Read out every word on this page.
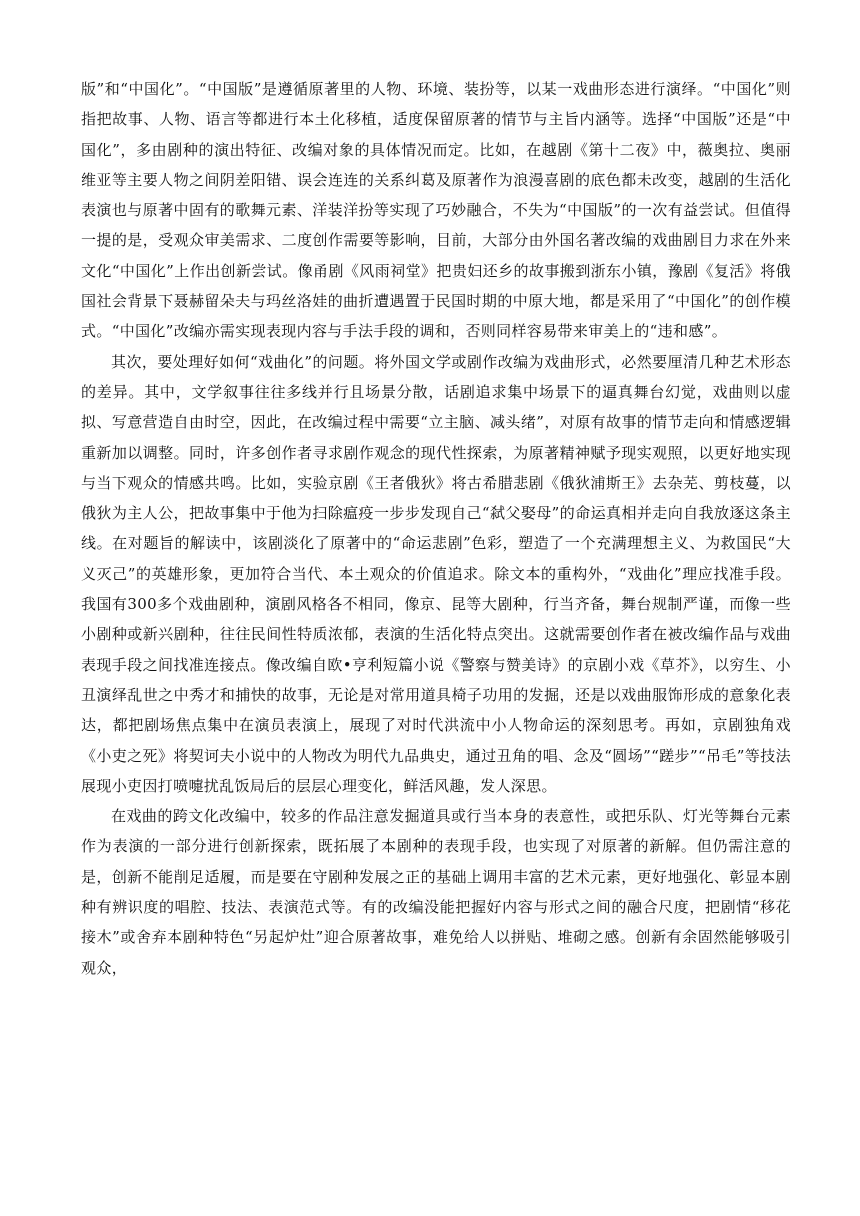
版”和“中国化”。“中国版”是遵循原著里的人物、环境、装扮等，以某一戏曲形态进行演绎。“中国化”则指把故事、人物、语言等都进行本土化移植，适度保留原著的情节与主旨内涵等。选择“中国版”还是“中国化”，多由剧种的演出特征、改编对象的具体情况而定。比如，在越剧《第十二夜》中，薇奥拉、奥丽维亚等主要人物之间阴差阳错、误会连连的关系纠葛及原著作为浪漫喜剧的底色都未改变，越剧的生活化表演也与原著中固有的歌舞元素、洋装洋扮等实现了巧妙融合，不失为“中国版”的一次有益尝试。但值得一提的是，受观众审美需求、二度创作需要等影响，目前，大部分由外国名著改编的戏曲剧目力求在外来文化“中国化”上作出创新尝试。像甬剧《风雨祠堂》把贵妇还乡的故事搬到浙东小镇，豫剧《复活》将俄国社会背景下聂赫留朵夫与玛丝洛娃的曲折遭遇置于民国时期的中原大地，都是采用了“中国化”的创作模式。“中国化”改编亦需实现表现内容与手法手段的调和，否则同样容易带来审美上的“违和感”。

其次，要处理好如何“戏曲化”的问题。将外国文学或剧作改编为戏曲形式，必然要厘清几种艺术形态的差异。其中，文学叙事往往多线并行且场景分散，话剧追求集中场景下的逼真舞台幻觉，戏曲则以虚拟、写意营造自由时空，因此，在改编过程中需要“立主脑、减头绪”，对原有故事的情节走向和情感逻辑重新加以调整。同时，许多创作者寻求剧作观念的现代性探索，为原著精神赋予现实观照，以更好地实现与当下观众的情感共鸣。比如，实验京剧《王者俄狄》将古希腊悲剧《俄狄浦斯王》去杂芜、剪枝蔓，以俄狄为主人公，把故事集中于他为扫除瘟疫一步步发现自己“弑父娶母”的命运真相并走向自我放逐这条主线。在对题旨的解读中，该剧淡化了原著中的“命运悲剧”色彩，塑造了一个充满理想主义、为救国民“大义灭己”的英雄形象，更加符合当代、本土观众的价值追求。除文本的重构外，“戏曲化”理应找准手段。我国有300多个戏曲剧种，演剧风格各不相同，像京、昆等大剧种，行当齐备，舞台规制严谨，而像一些小剧种或新兴剧种，往往民间性特质浓郁，表演的生活化特点突出。这就需要创作者在被改编作品与戏曲表现手段之间找准连接点。像改编自欧•亨利短篇小说《警察与赞美诗》的京剧小戏《草芥》，以穷生、小丑演绎乱世之中秀才和捕快的故事，无论是对常用道具椅子功用的发掘，还是以戏曲服饰形成的意象化表达，都把剧场焦点集中在演员表演上，展现了对时代洪流中小人物命运的深刻思考。再如，京剧独角戏《小吏之死》将契诃夫小说中的人物改为明代九品典史，通过丑角的唱、念及“圆场”“蹉步”“吊毛”等技法展现小吏因打喷嚏扰乱饭局后的层层心理变化，鲜活风趣，发人深思。

在戏曲的跨文化改编中，较多的作品注意发掘道具或行当本身的表意性，或把乐队、灯光等舞台元素作为表演的一部分进行创新探索，既拓展了本剧种的表现手段，也实现了对原著的新解。但仍需注意的是，创新不能削足适履，而是要在守剧种发展之正的基础上调用丰富的艺术元素，更好地强化、彰显本剧种有辨识度的唱腔、技法、表演范式等。有的改编没能把握好内容与形式之间的融合尺度，把剧情“移花接木”或舍弃本剧种特色“另起炉灶”迎合原著故事，难免给人以拼贴、堆砌之感。创新有余固然能够吸引观众，
